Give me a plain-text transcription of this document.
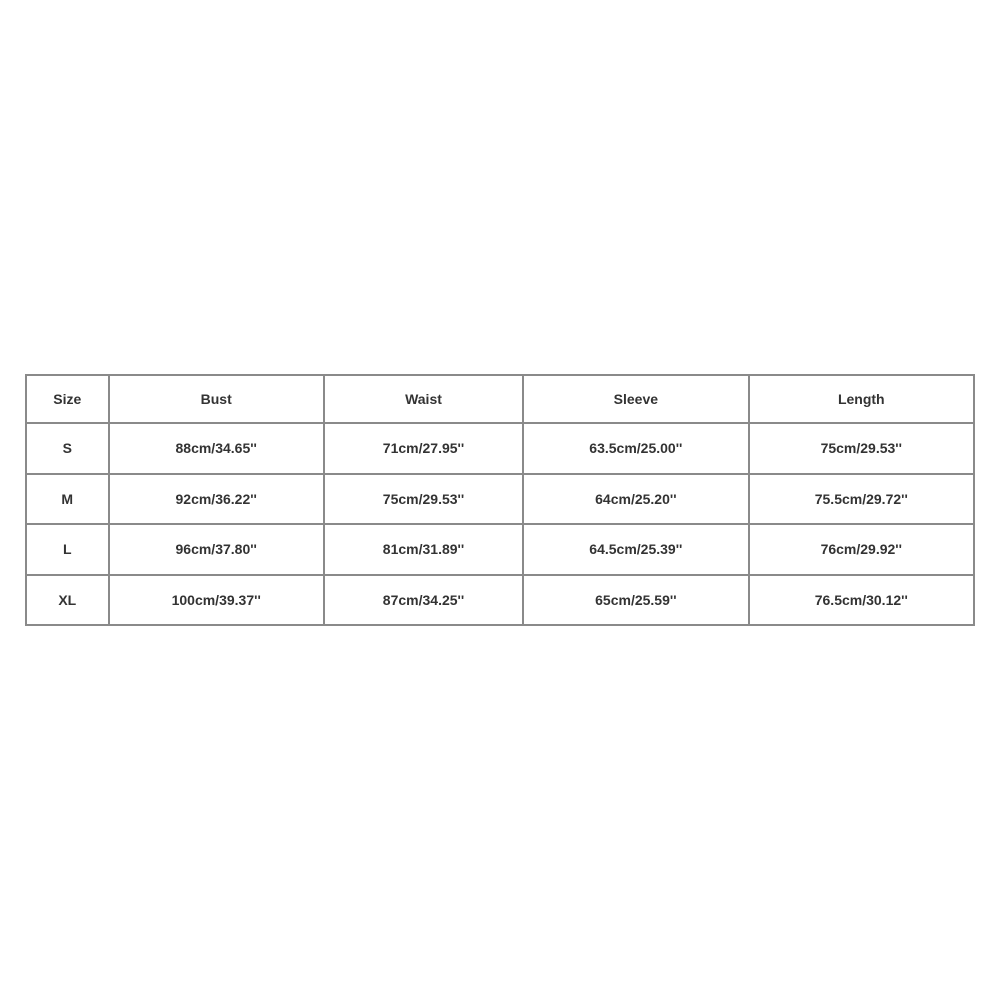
Size	Bust	Waist	Sleeve	Length
S	88cm/34.65''	71cm/27.95''	63.5cm/25.00''	75cm/29.53''
M	92cm/36.22''	75cm/29.53''	64cm/25.20''	75.5cm/29.72''
L	96cm/37.80''	81cm/31.89''	64.5cm/25.39''	76cm/29.92''
XL	100cm/39.37''	87cm/34.25''	65cm/25.59''	76.5cm/30.12''
